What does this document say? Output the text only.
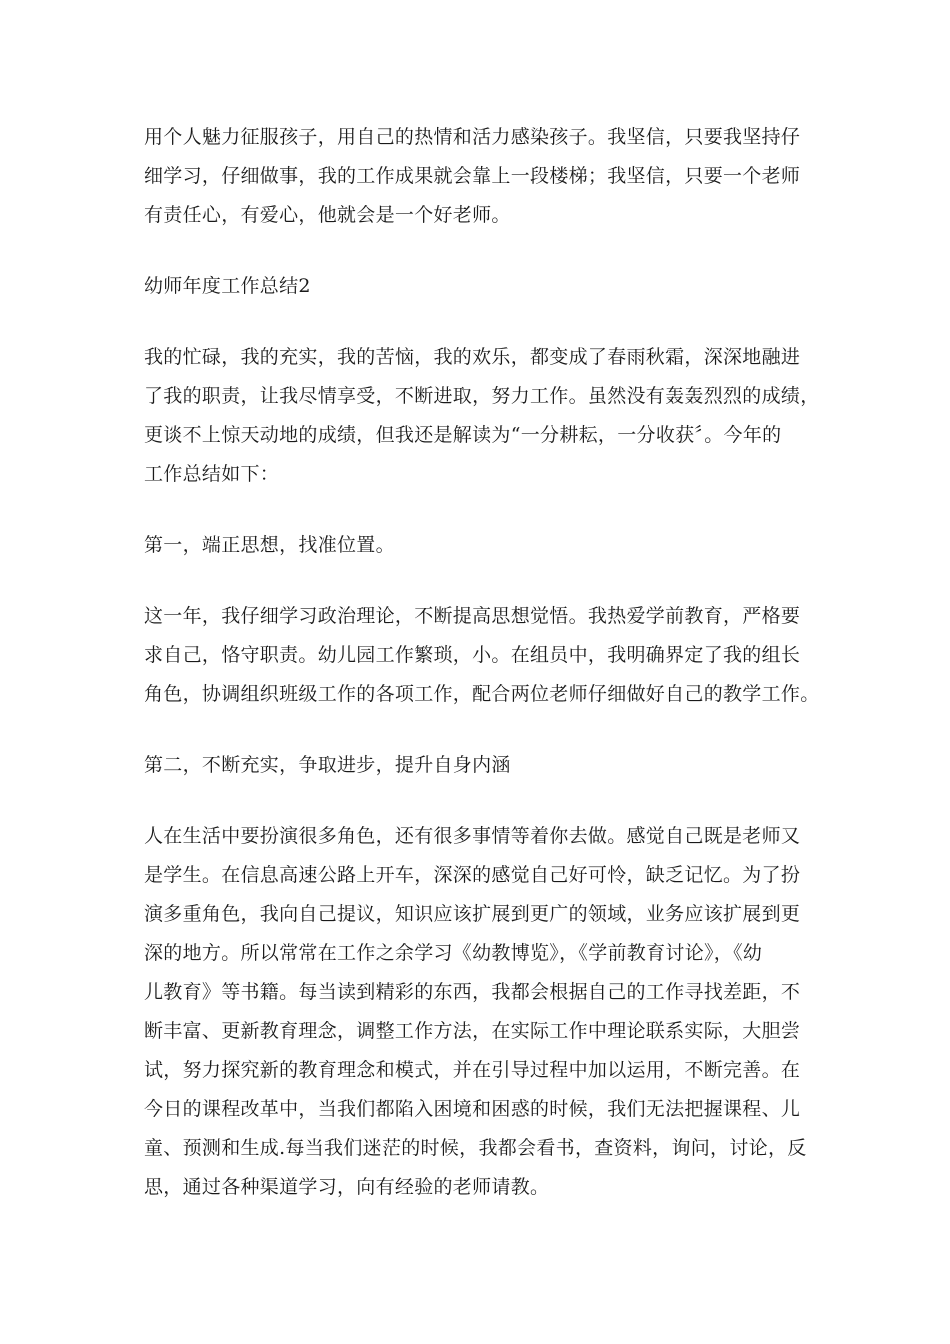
用个人魅力征服孩子，用自己的热情和活力感染孩子。我坚信，只要我坚持仔
细学习，仔细做事，我的工作成果就会靠上一段楼梯；我坚信，只要一个老师
有责任心，有爱心，他就会是一个好老师。

幼师年度工作总结2

我的忙碌，我的充实，我的苦恼，我的欢乐，都变成了春雨秋霜，深深地融进
了我的职责，让我尽情享受，不断进取，努力工作。虽然没有轰轰烈烈的成绩，
更谈不上惊天动地的成绩，但我还是解读为“一分耕耘，一分收获〞。今年的
工作总结如下：

第一，端正思想，找准位置。

这一年，我仔细学习政治理论，不断提高思想觉悟。我热爱学前教育，严格要
求自己，恪守职责。幼儿园工作繁琐，小。在组员中，我明确界定了我的组长
角色，协调组织班级工作的各项工作，配合两位老师仔细做好自己的教学工作。

第二，不断充实，争取进步，提升自身内涵

人在生活中要扮演很多角色，还有很多事情等着你去做。感觉自己既是老师又
是学生。在信息高速公路上开车，深深的感觉自己好可怜，缺乏记忆。为了扮
演多重角色，我向自己提议，知识应该扩展到更广的领域，业务应该扩展到更
深的地方。所以常常在工作之余学习《幼教博览》，《学前教育讨论》，《幼
儿教育》等书籍。每当读到精彩的东西，我都会根据自己的工作寻找差距，不
断丰富、更新教育理念，调整工作方法，在实际工作中理论联系实际，大胆尝
试，努力探究新的教育理念和模式，并在引导过程中加以运用，不断完善。在
今日的课程改革中，当我们都陷入困境和困惑的时候，我们无法把握课程、儿
童、预测和生成.每当我们迷茫的时候，我都会看书，查资料，询问，讨论，反
思，通过各种渠道学习，向有经验的老师请教。
